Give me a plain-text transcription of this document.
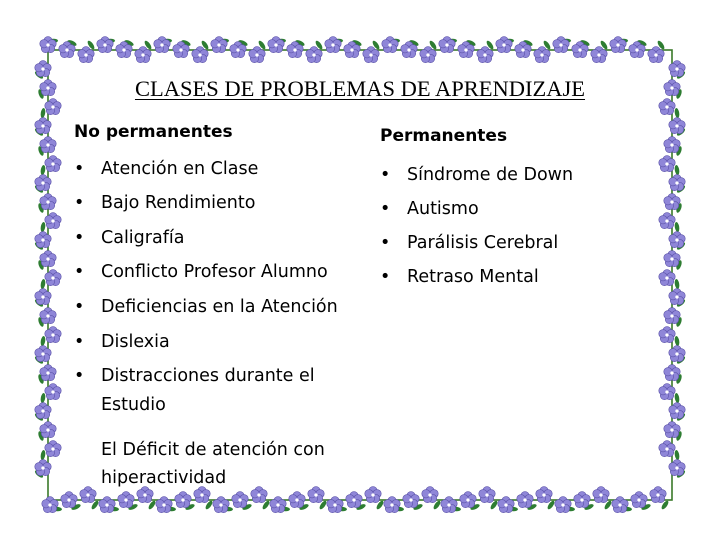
CLASES DE PROBLEMAS DE APRENDIZAJE
No permanentes	Permanentes
• Atención en Clase
• Bajo Rendimiento
• Caligrafía
• Conflicto Profesor Alumno
• Deficiencias en la Atención
• Dislexia
• Distracciones durante el
Estudio
El Déficit de atención con
hiperactividad
• Síndrome de Down
• Autismo
• Parálisis Cerebral
• Retraso Mental
